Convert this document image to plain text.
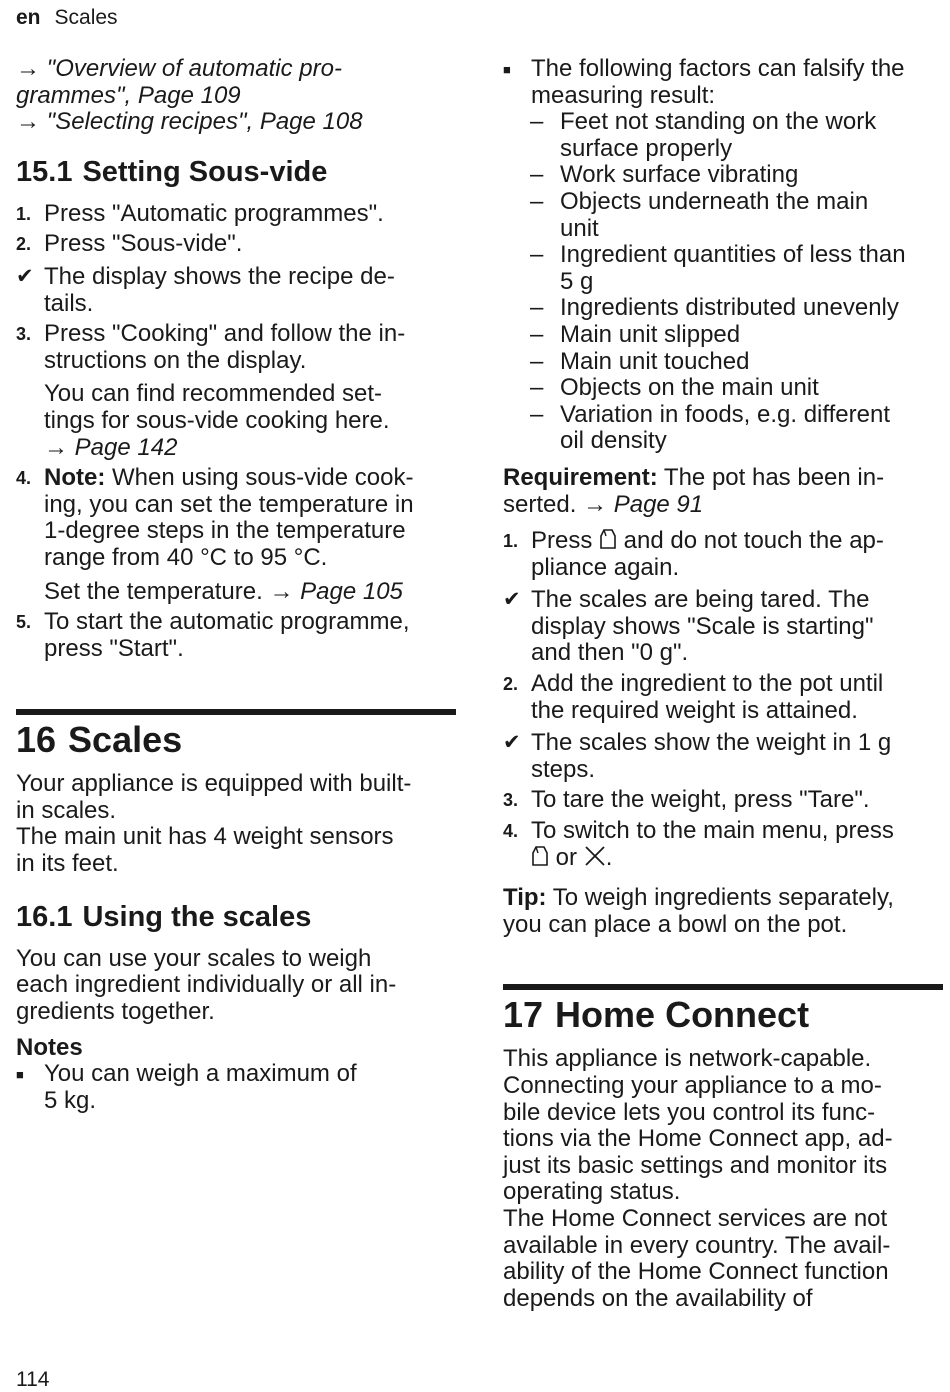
en Scales
→ "Overview of automatic pro-
grammes", Page 109
→ "Selecting recipes", Page 108
15.1 Setting Sous-vide
1. Press "Automatic programmes".
2. Press "Sous-vide".
✔ The display shows the recipe de-
tails.
3. Press "Cooking" and follow the in-
structions on the display.
You can find recommended set-
tings for sous-vide cooking here.
→ Page 142
4. Note: When using sous-vide cook-
ing, you can set the temperature in
1-degree steps in the temperature
range from 40 °C to 95 °C.
Set the temperature. → Page 105
5. To start the automatic programme,
press "Start".
16 Scales
Your appliance is equipped with built-
in scales.
The main unit has 4 weight sensors
in its feet.
16.1 Using the scales
You can use your scales to weigh
each ingredient individually or all in-
gredients together.
Notes
■ You can weigh a maximum of
5 kg.
■ The following factors can falsify the
measuring result:
– Feet not standing on the work
surface properly
– Work surface vibrating
– Objects underneath the main
unit
– Ingredient quantities of less than
5 g
– Ingredients distributed unevenly
– Main unit slipped
– Main unit touched
– Objects on the main unit
– Variation in foods, e.g. different
oil density
Requirement: The pot has been in-
serted. → Page 91
1. Press  and do not touch the ap-
pliance again.
✔ The scales are being tared. The
display shows "Scale is starting"
and then "0 g".
2. Add the ingredient to the pot until
the required weight is attained.
✔ The scales show the weight in 1 g
steps.
3. To tare the weight, press "Tare".
4. To switch to the main menu, press
or .
Tip: To weigh ingredients separately,
you can place a bowl on the pot.
17 Home Connect
This appliance is network-capable.
Connecting your appliance to a mo-
bile device lets you control its func-
tions via the Home Connect app, ad-
just its basic settings and monitor its
operating status.
The Home Connect services are not
available in every country. The avail-
ability of the Home Connect function
depends on the availability of
114
